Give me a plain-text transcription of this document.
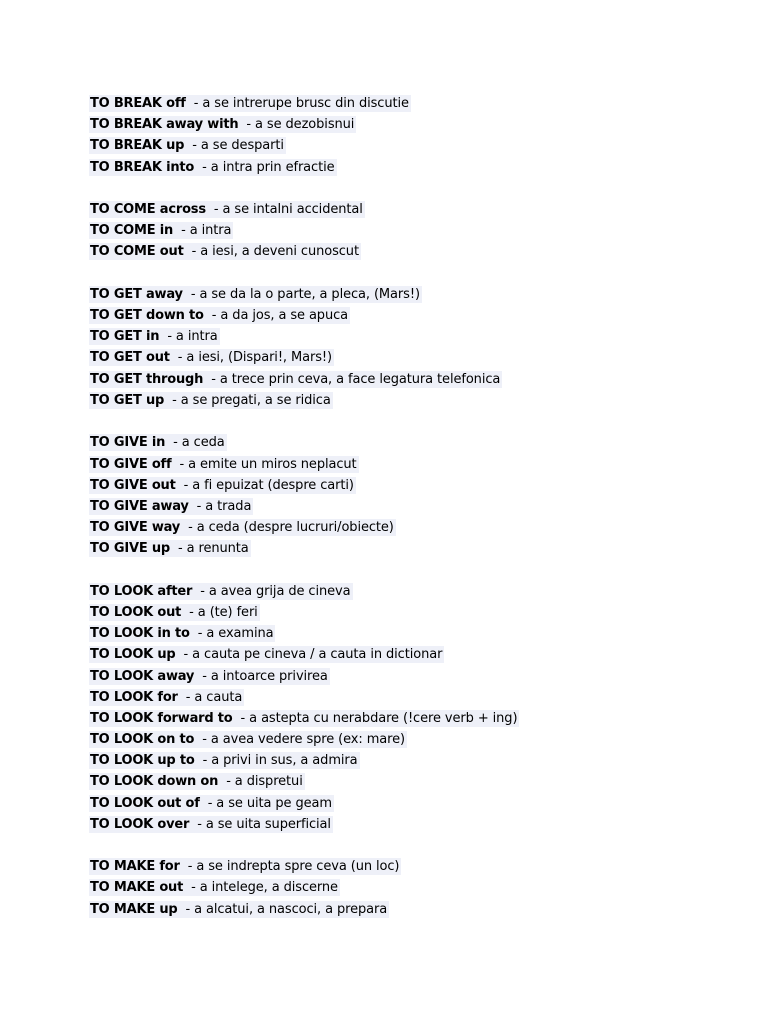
TO BREAK off - a se intrerupe brusc din discutie
TO BREAK away with - a se dezobisnui
TO BREAK up - a se desparti
TO BREAK into - a intra prin efractie
TO COME across - a se intalni accidental
TO COME in - a intra
TO COME out - a iesi, a deveni cunoscut
TO GET away - a se da la o parte, a pleca, (Mars!)
TO GET down to - a da jos, a se apuca
TO GET in - a intra
TO GET out - a iesi, (Dispari!, Mars!)
TO GET through - a trece prin ceva, a face legatura telefonica
TO GET up - a se pregati, a se ridica
TO GIVE in - a ceda
TO GIVE off - a emite un miros neplacut
TO GIVE out - a fi epuizat (despre carti)
TO GIVE away - a trada
TO GIVE way - a ceda (despre lucruri/obiecte)
TO GIVE up - a renunta
TO LOOK after - a avea grija de cineva
TO LOOK out - a (te) feri
TO LOOK in to - a examina
TO LOOK up - a cauta pe cineva / a cauta in dictionar
TO LOOK away - a intoarce privirea
TO LOOK for - a cauta
TO LOOK forward to - a astepta cu nerabdare (!cere verb + ing)
TO LOOK on to - a avea vedere spre (ex: mare)
TO LOOK up to - a privi in sus, a admira
TO LOOK down on - a dispretui
TO LOOK out of - a se uita pe geam
TO LOOK over - a se uita superficial
TO MAKE for - a se indrepta spre ceva (un loc)
TO MAKE out - a intelege, a discerne
TO MAKE up - a alcatui, a nascoci, a prepara
